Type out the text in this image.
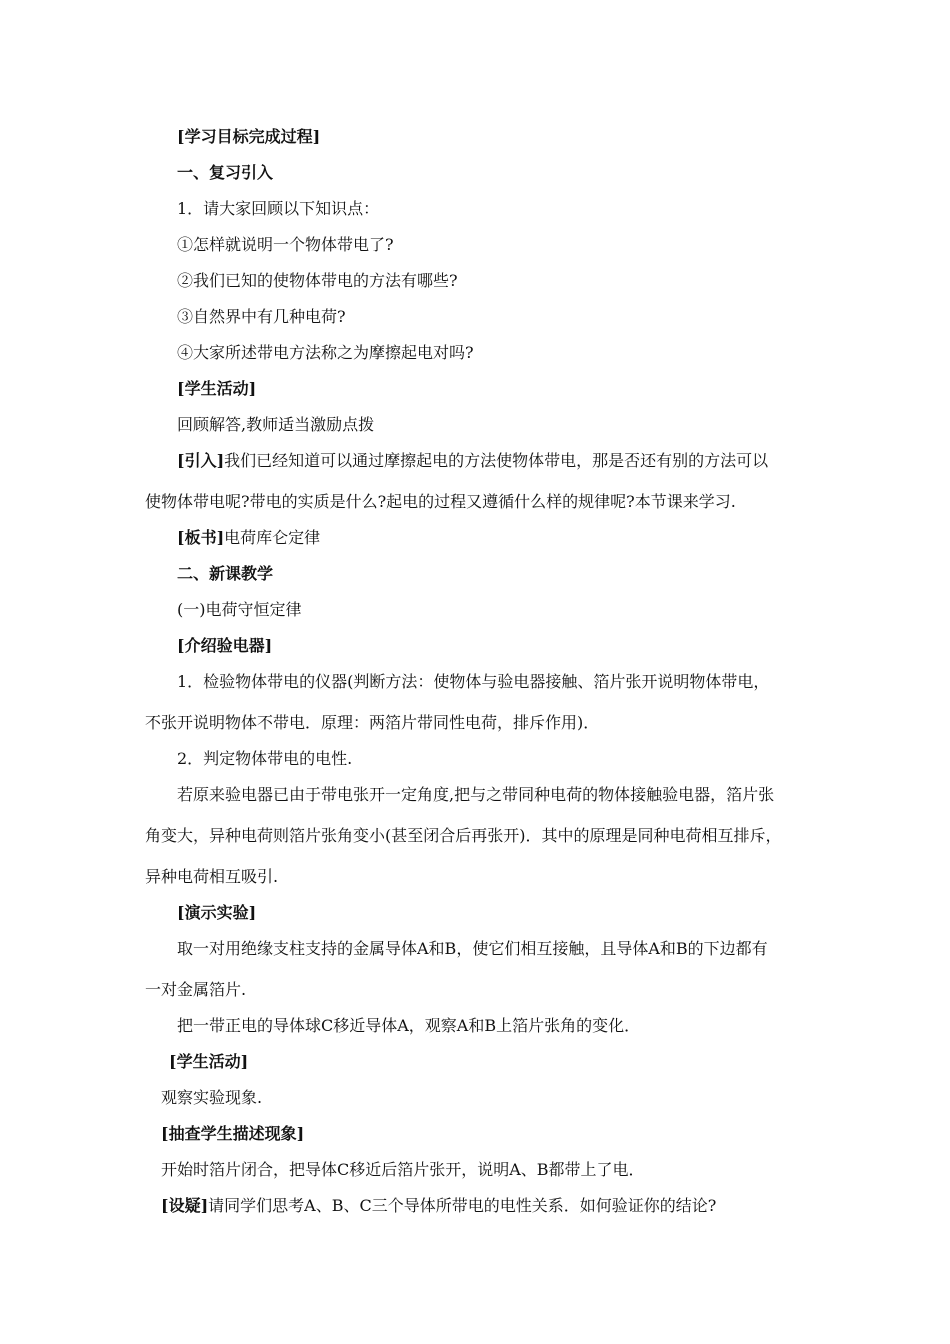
[学习目标完成过程]
一、复习引入
1．请大家回顾以下知识点：
①怎样就说明一个物体带电了?
②我们已知的使物体带电的方法有哪些?
③自然界中有几种电荷?
④大家所述带电方法称之为摩擦起电对吗?
[学生活动]
回顾解答,教师适当激励点拨
[引入]我们已经知道可以通过摩擦起电的方法使物体带电，那是否还有别的方法可以
使物体带电呢?带电的实质是什么?起电的过程又遵循什么样的规律呢?本节课来学习.
[板书]电荷库仑定律
二、新课教学
(一)电荷守恒定律
[介绍验电器]
1．检验物体带电的仪器(判断方法：使物体与验电器接触、箔片张开说明物体带电，
不张开说明物体不带电．原理：两箔片带同性电荷，排斥作用)．
2．判定物体带电的电性.
若原来验电器已由于带电张开一定角度,把与之带同种电荷的物体接触验电器，箔片张
角变大，异种电荷则箔片张角变小(甚至闭合后再张开)．其中的原理是同种电荷相互排斥，
异种电荷相互吸引.
[演示实验]
取一对用绝缘支柱支持的金属导体A和B，使它们相互接触，且导体A和B的下边都有
一对金属箔片.
把一带正电的导体球C移近导体A，观察A和B上箔片张角的变化．
[学生活动]
观察实验现象.
[抽查学生描述现象]
开始时箔片闭合，把导体C移近后箔片张开，说明A、B都带上了电．
[设疑]请同学们思考A、B、C三个导体所带电的电性关系．如何验证你的结论?
